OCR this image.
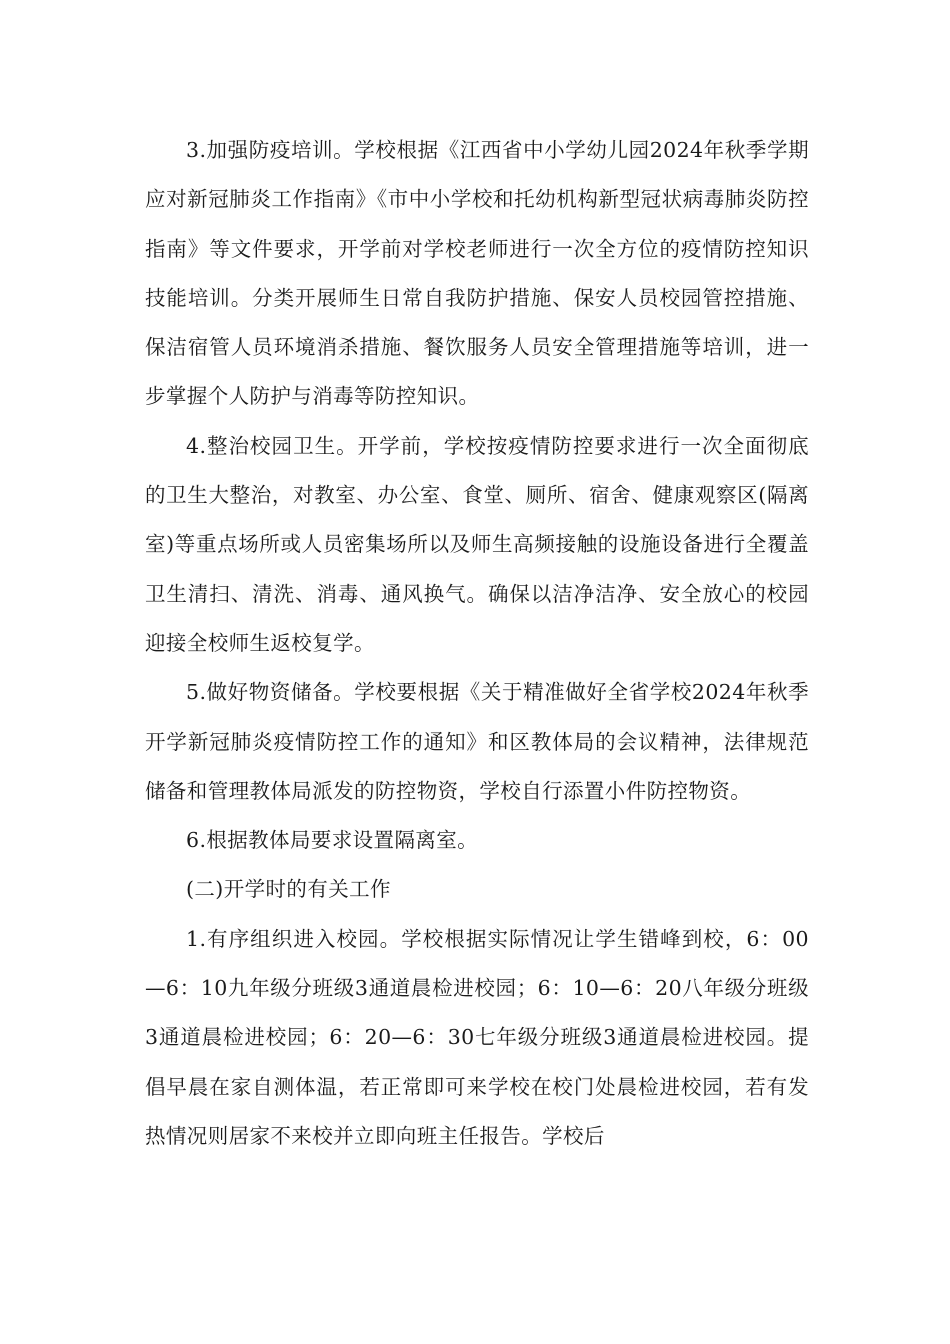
3.加强防疫培训。学校根据《江西省中小学幼儿园2024年秋季学期应对新冠肺炎工作指南》《市中小学校和托幼机构新型冠状病毒肺炎防控指南》等文件要求，开学前对学校老师进行一次全方位的疫情防控知识技能培训。分类开展师生日常自我防护措施、保安人员校园管控措施、保洁宿管人员环境消杀措施、餐饮服务人员安全管理措施等培训，进一步掌握个人防护与消毒等防控知识。

4.整治校园卫生。开学前，学校按疫情防控要求进行一次全面彻底的卫生大整治，对教室、办公室、食堂、厕所、宿舍、健康观察区(隔离室)等重点场所或人员密集场所以及师生高频接触的设施设备进行全覆盖卫生清扫、清洗、消毒、通风换气。确保以洁净洁净、安全放心的校园迎接全校师生返校复学。

5.做好物资储备。学校要根据《关于精准做好全省学校2024年秋季开学新冠肺炎疫情防控工作的通知》和区教体局的会议精神，法律规范储备和管理教体局派发的防控物资，学校自行添置小件防控物资。

6.根据教体局要求设置隔离室。

(二)开学时的有关工作

1.有序组织进入校园。学校根据实际情况让学生错峰到校，6：00—6：10九年级分班级3通道晨检进校园；6：10—6：20八年级分班级3通道晨检进校园；6：20—6：30七年级分班级3通道晨检进校园。提倡早晨在家自测体温，若正常即可来学校在校门处晨检进校园，若有发热情况则居家不来校并立即向班主任报告。学校后
